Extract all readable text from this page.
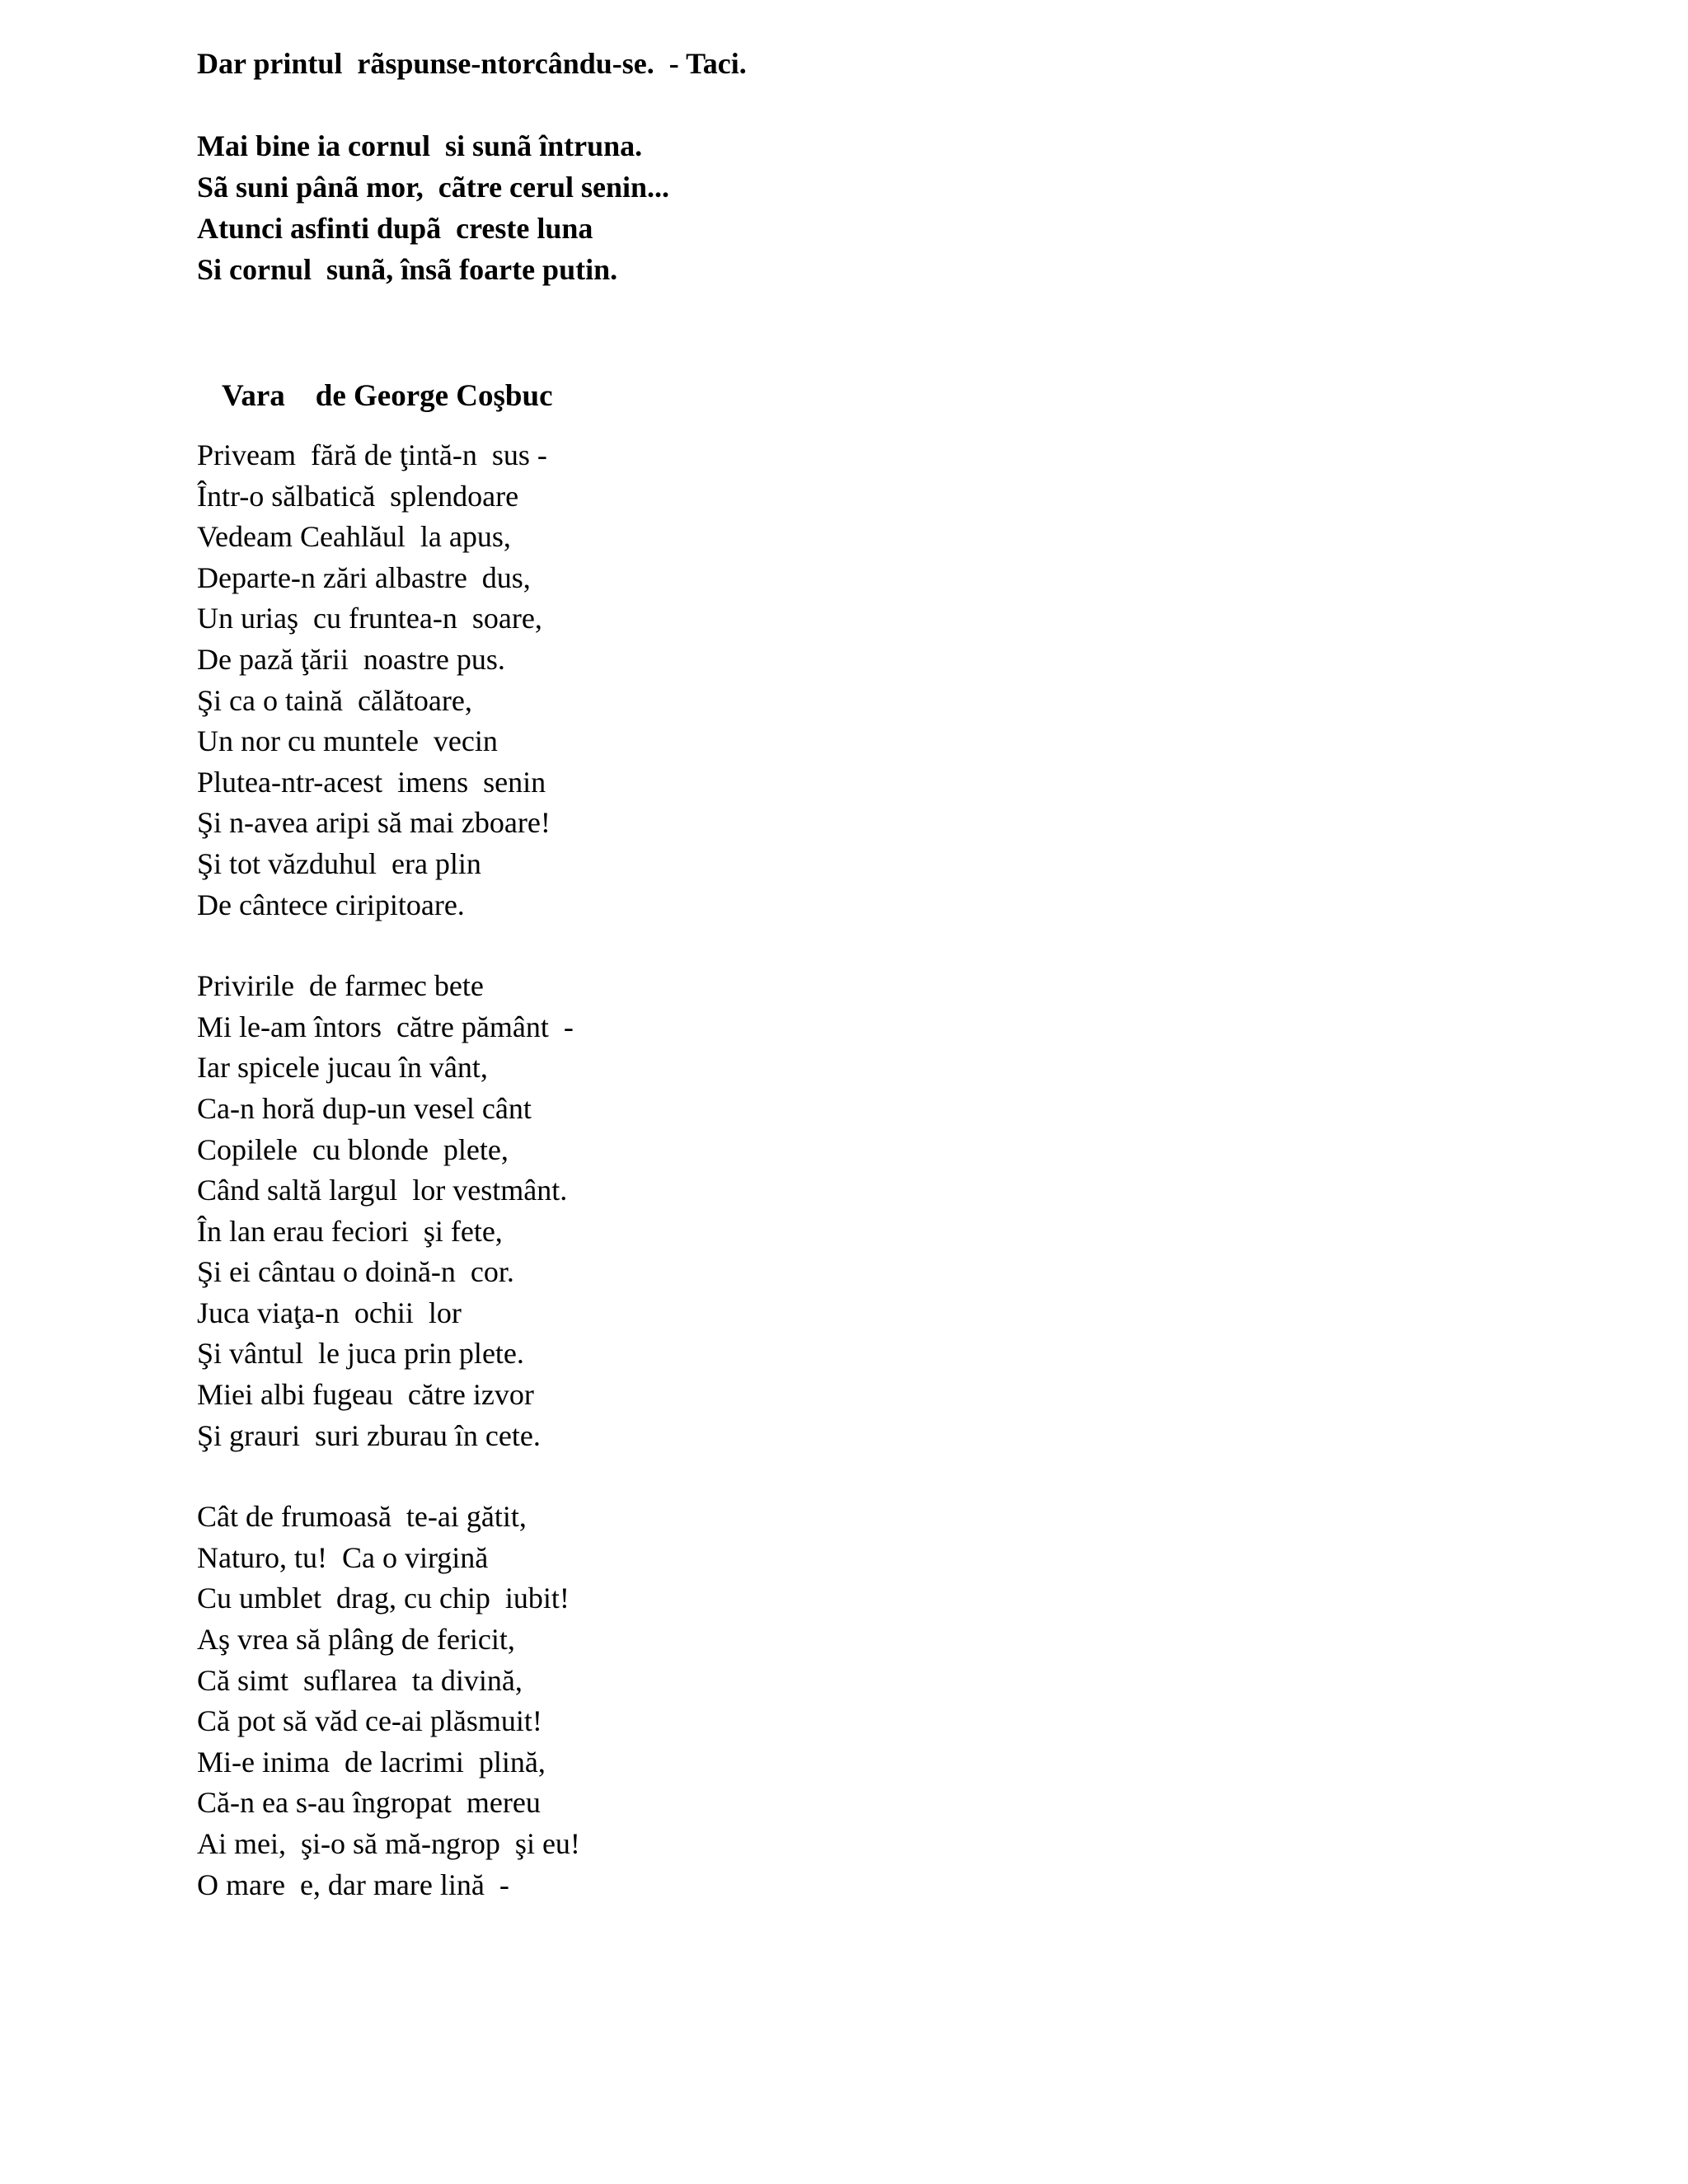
Dar printul  rãspunse-ntorcându-se.  - Taci.

Mai bine ia cornul  si sunã întruna.

Sã suni pânã mor,  cãtre cerul senin...

Atunci asfinti dupã  creste luna

Si cornul  sunã, însã foarte putin.

Vara    de George Coşbuc

Priveam  fără de ţintă-n  sus -

Într-o sălbatică  splendoare

Vedeam Ceahlăul  la apus,

Departe-n zări albastre  dus,

Un uriaş  cu fruntea-n  soare,

De pază ţării  noastre pus.

Şi ca o taină  călătoare,

Un nor cu muntele  vecin

Plutea-ntr-acest  imens  senin

Şi n-avea aripi să mai zboare!

Şi tot văzduhul  era plin

De cântece ciripitoare.

Privirile  de farmec bete

Mi le-am întors  către pământ  -

Iar spicele jucau în vânt,

Ca-n horă dup-un vesel cânt

Copilele  cu blonde  plete,

Când saltă largul  lor vestmânt.

În lan erau feciori  şi fete,

Şi ei cântau o doină-n  cor.

Juca viaţa-n  ochii  lor

Şi vântul  le juca prin plete.

Miei albi fugeau  către izvor

Şi grauri  suri zburau în cete.

Cât de frumoasă  te-ai gătit,

Naturo, tu!  Ca o virgină

Cu umblet  drag, cu chip  iubit!

Aş vrea să plâng de fericit,

Că simt  suflarea  ta divină,

Că pot să văd ce-ai plăsmuit!

Mi-e inima  de lacrimi  plină,

Că-n ea s-au îngropat  mereu

Ai mei,  şi-o să mă-ngrop  şi eu!

O mare  e, dar mare lină  -
